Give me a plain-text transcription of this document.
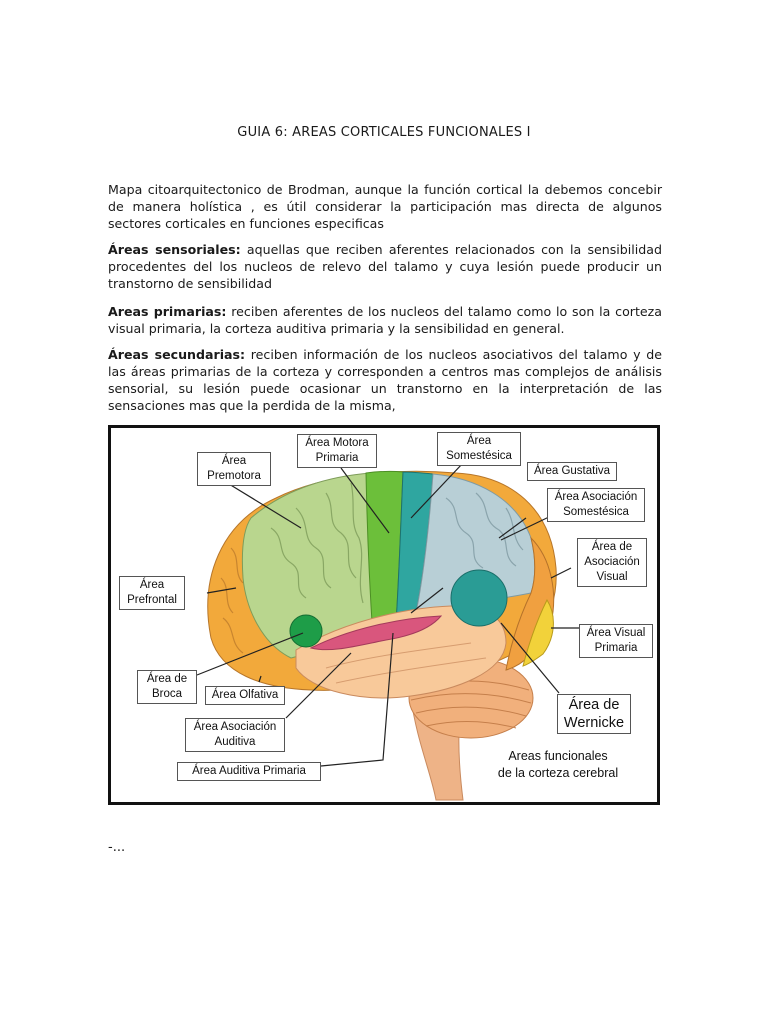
GUIA 6: AREAS CORTICALES FUNCIONALES I
Mapa citoarquitectonico de Brodman, aunque la función cortical la debemos concebir de manera holística , es útil considerar la participación mas directa de algunos sectores corticales en funciones especificas
Áreas sensoriales: aquellas que reciben aferentes relacionados con la sensibilidad procedentes del los nucleos de relevo del talamo y cuya lesión puede producir un transtorno de sensibilidad
Areas primarias: reciben aferentes de los nucleos del talamo como lo son la corteza visual primaria, la corteza auditiva primaria y la sensibilidad en general.
Áreas secundarias: reciben información de los nucleos asociativos del talamo y de las áreas primarias de la corteza y corresponden a centros mas complejos de análisis sensorial, su lesión puede ocasionar un transtorno en la interpretación de las sensaciones mas que la perdida de la misma,
Área
Premotora
Área Motora
Primaria
Área
Somestésica
Área Gustativa
Área Asociación
Somestésica
Área de
Asociación
Visual
Área
Prefrontal
Área Visual
Primaria
Área de
Broca	Área Olfativa
Área de
Wernicke
Área Asociación
Auditiva
Área Auditiva Primaria
Areas funcionales
de la corteza cerebral
-...
